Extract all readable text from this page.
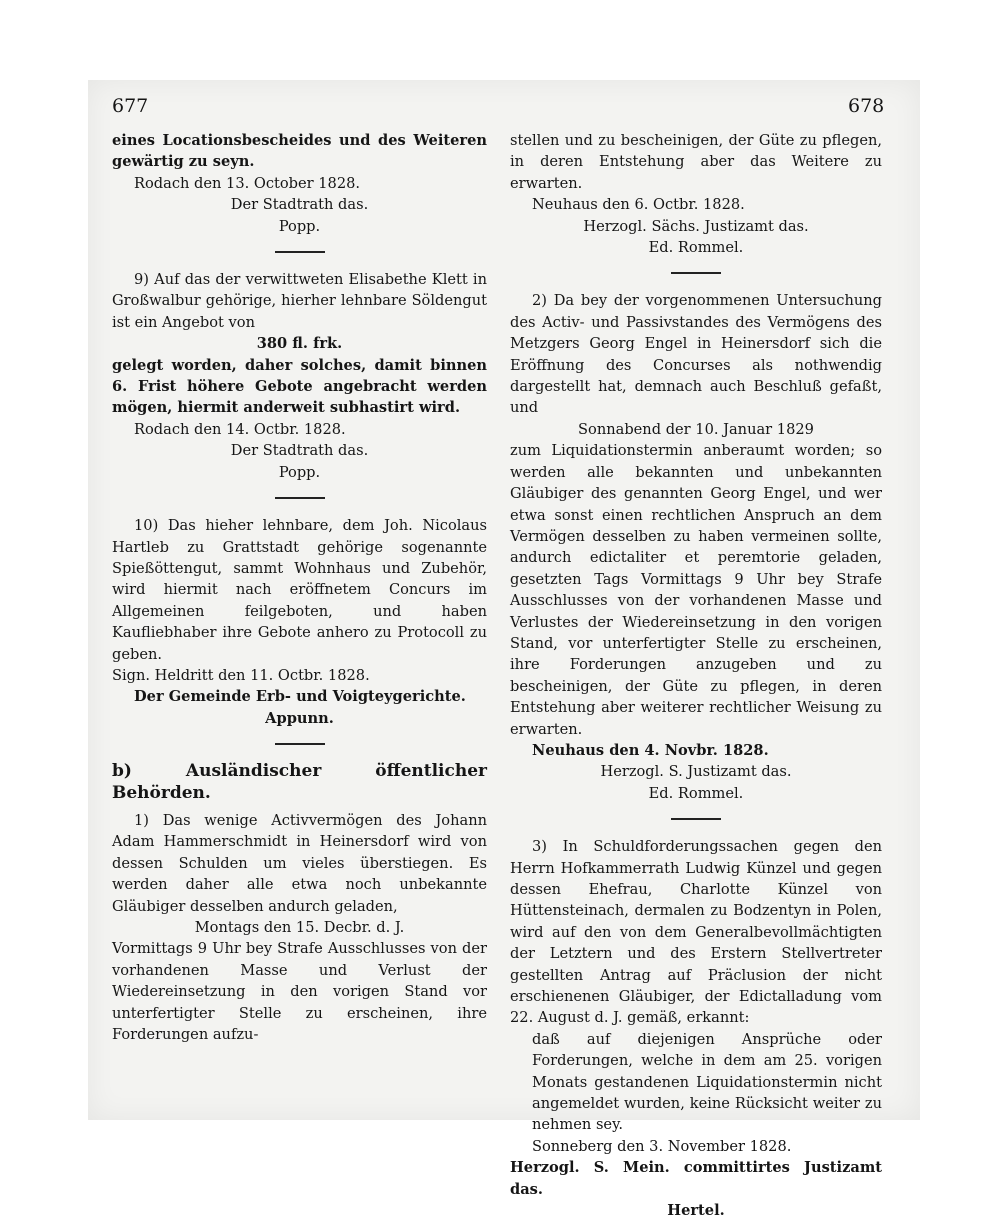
677	678

eines Locationsbescheides und des Weiteren gewärtig zu seyn.

Rodach den 13. October 1828.

Der Stadtrath das.

Popp.

9) Auf das der verwittweten Elisabethe Klett in Großwalbur gehörige, hierher lehnbare Söldengut ist ein Angebot von

380 fl. frk.

gelegt worden, daher solches, damit binnen 6. Frist höhere Gebote angebracht werden mögen, hiermit anderweit subhastirt wird.

Rodach den 14. Octbr. 1828.

Der Stadtrath das.

Popp.

10) Das hieher lehnbare, dem Joh. Nicolaus Hartleb zu Grattstadt gehörige sogenannte Spießöttengut, sammt Wohnhaus und Zubehör, wird hiermit nach eröffnetem Concurs im Allgemeinen feilgeboten, und haben Kaufliebhaber ihre Gebote anhero zu Protocoll zu geben.

Sign. Heldritt den 11. Octbr. 1828.

Der Gemeinde Erb- und Voigteygerichte.

Appunn.

b) Ausländischer öffentlicher Behörden.

1) Das wenige Activvermögen des Johann Adam Hammerschmidt in Heinersdorf wird von dessen Schulden um vieles überstiegen. Es werden daher alle etwa noch unbekannte Gläubiger desselben andurch geladen,

Montags den 15. Decbr. d. J.

Vormittags 9 Uhr bey Strafe Ausschlusses von der vorhandenen Masse und Verlust der Wiedereinsetzung in den vorigen Stand vor unterfertigter Stelle zu erscheinen, ihre Forderungen aufzu-

stellen und zu bescheinigen, der Güte zu pflegen, in deren Entstehung aber das Weitere zu erwarten.

Neuhaus den 6. Octbr. 1828.

Herzogl. Sächs. Justizamt das.

Ed. Rommel.

2) Da bey der vorgenommenen Untersuchung des Activ- und Passivstandes des Vermögens des Metzgers Georg Engel in Heinersdorf sich die Eröffnung des Concurses als nothwendig dargestellt hat, demnach auch Beschluß gefaßt, und

Sonnabend der 10. Januar 1829

zum Liquidationstermin anberaumt worden; so werden alle bekannten und unbekannten Gläubiger des genannten Georg Engel, und wer etwa sonst einen rechtlichen Anspruch an dem Vermögen desselben zu haben vermeinen sollte, andurch edictaliter et peremtorie geladen, gesetzten Tags Vormittags 9 Uhr bey Strafe Ausschlusses von der vorhandenen Masse und Verlustes der Wiedereinsetzung in den vorigen Stand, vor unterfertigter Stelle zu erscheinen, ihre Forderungen anzugeben und zu bescheinigen, der Güte zu pflegen, in deren Entstehung aber weiterer rechtlicher Weisung zu erwarten.

Neuhaus den 4. Novbr. 1828.

Herzogl. S. Justizamt das.

Ed. Rommel.

3) In Schuldforderungssachen gegen den Herrn Hofkammerrath Ludwig Künzel und gegen dessen Ehefrau, Charlotte Künzel von Hüttensteinach, dermalen zu Bodzentyn in Polen, wird auf den von dem Generalbevollmächtigten der Letztern und des Erstern Stellvertreter gestellten Antrag auf Präclusion der nicht erschienenen Gläubiger, der Edictalladung vom 22. August d. J. gemäß, erkannt:

daß auf diejenigen Ansprüche oder Forderungen, welche in dem am 25. vorigen Monats gestandenen Liquidationstermin nicht angemeldet wurden, keine Rücksicht weiter zu nehmen sey.

Sonneberg den 3. November 1828.

Herzogl. S. Mein. committirtes Justizamt das.

Hertel.
